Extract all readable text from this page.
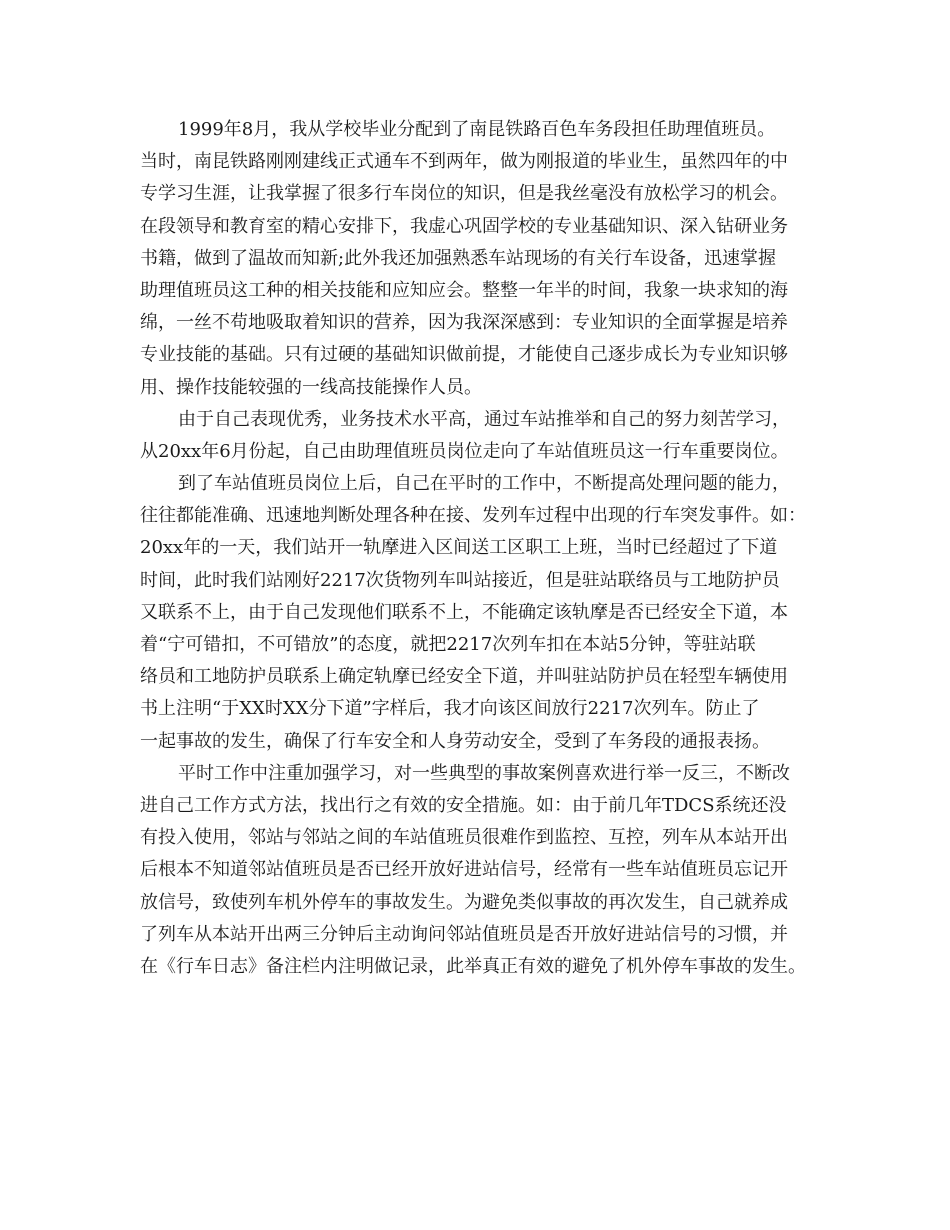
1999年8月，我从学校毕业分配到了南昆铁路百色车务段担任助理值班员。
当时，南昆铁路刚刚建线正式通车不到两年，做为刚报道的毕业生，虽然四年的中
专学习生涯，让我掌握了很多行车岗位的知识，但是我丝毫没有放松学习的机会。
在段领导和教育室的精心安排下，我虚心巩固学校的专业基础知识、深入钻研业务
书籍，做到了温故而知新;此外我还加强熟悉车站现场的有关行车设备，迅速掌握
助理值班员这工种的相关技能和应知应会。整整一年半的时间，我象一块求知的海
绵，一丝不苟地吸取着知识的营养，因为我深深感到：专业知识的全面掌握是培养
专业技能的基础。只有过硬的基础知识做前提，才能使自己逐步成长为专业知识够
用、操作技能较强的一线高技能操作人员。
由于自己表现优秀，业务技术水平高，通过车站推举和自己的努力刻苦学习，
从20xx年6月份起，自己由助理值班员岗位走向了车站值班员这一行车重要岗位。
到了车站值班员岗位上后，自己在平时的工作中，不断提高处理问题的能力，
往往都能准确、迅速地判断处理各种在接、发列车过程中出现的行车突发事件。如：
20xx年的一天，我们站开一轨摩进入区间送工区职工上班，当时已经超过了下道
时间，此时我们站刚好2217次货物列车叫站接近，但是驻站联络员与工地防护员
又联系不上，由于自己发现他们联系不上，不能确定该轨摩是否已经安全下道，本
着“宁可错扣，不可错放”的态度，就把2217次列车扣在本站5分钟，等驻站联
络员和工地防护员联系上确定轨摩已经安全下道，并叫驻站防护员在轻型车辆使用
书上注明“于XX时XX分下道”字样后，我才向该区间放行2217次列车。防止了
一起事故的发生，确保了行车安全和人身劳动安全，受到了车务段的通报表扬。
平时工作中注重加强学习，对一些典型的事故案例喜欢进行举一反三，不断改
进自己工作方式方法，找出行之有效的安全措施。如：由于前几年TDCS系统还没
有投入使用，邻站与邻站之间的车站值班员很难作到监控、互控，列车从本站开出
后根本不知道邻站值班员是否已经开放好进站信号，经常有一些车站值班员忘记开
放信号，致使列车机外停车的事故发生。为避免类似事故的再次发生，自己就养成
了列车从本站开出两三分钟后主动询问邻站值班员是否开放好进站信号的习惯，并
在《行车日志》备注栏内注明做记录，此举真正有效的避免了机外停车事故的发生。
